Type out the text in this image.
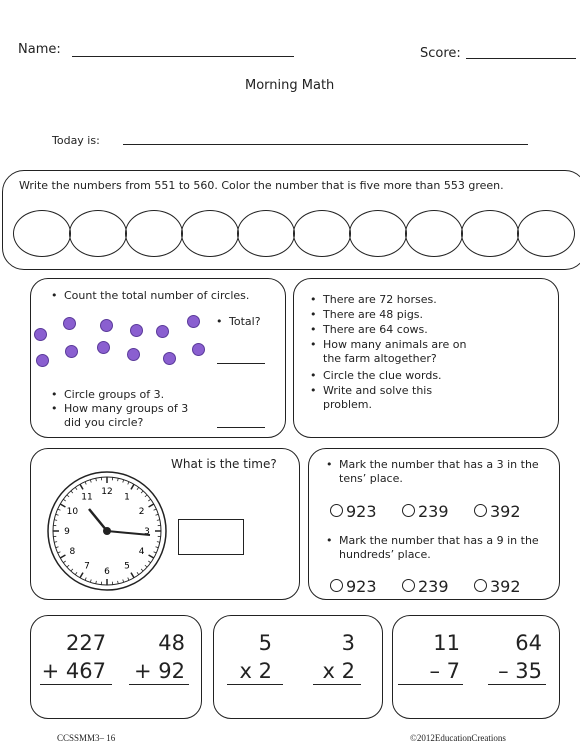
Name:	Score:
Morning Math
Today is:
Write the numbers from 551 to 560. Color the number that is five more than 553 green.
• Count the total number of circles.
• Total?
• Circle groups of 3.
• How many groups of 3 did you circle?
• There are 72 horses.
• There are 48 pigs.
• There are 64 cows.
• How many animals are on the farm altogether?
• Circle the clue words.
• Write and solve this problem.
What is the time?
12
1
2
3
4
5
6
7
8
9
10
11
• Mark the number that has a 3 in the tens’ place.
923	239	392
• Mark the number that has a 9 in the hundreds’ place.
923	239	392
227
+ 467
48
+ 92
5
x 2
3
x 2
11
– 7
64
– 35
CCSSMM3– 16	©2012EducationCreations
